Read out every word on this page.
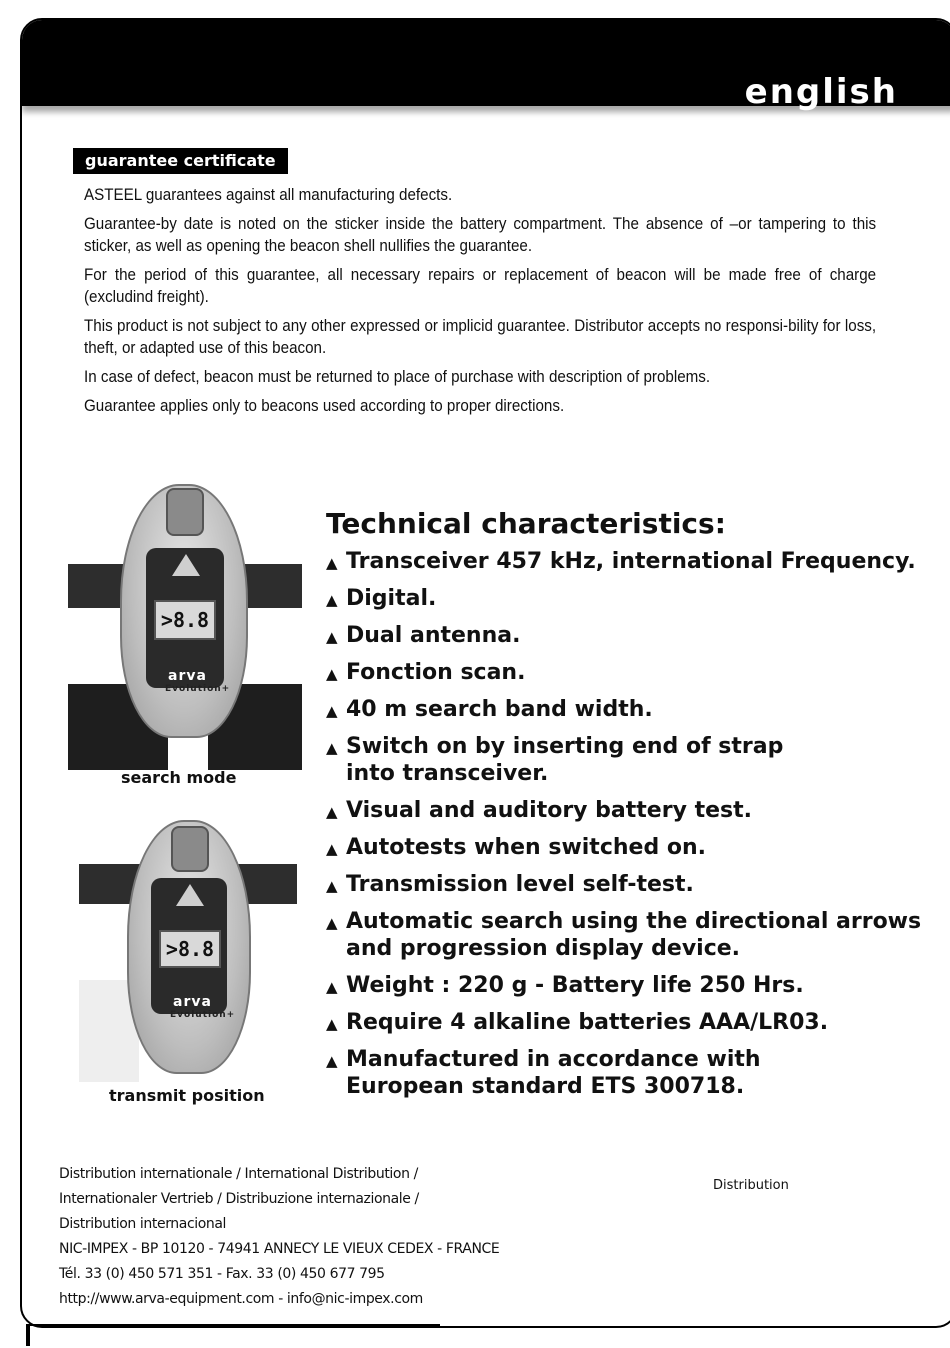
english
guarantee certificate

ASTEEL guarantees against all manufacturing defects.

Guarantee-by date is noted on the sticker inside the battery compartment. The absence of –or tampering to this sticker, as well as opening the beacon shell nullifies the guarantee.

For the period of this guarantee, all necessary repairs or replacement of beacon will be made free of charge (excludind freight).

This product is not subject to any other expressed or implicid guarantee. Distributor accepts no responsi-bility for loss, theft, or adapted use of this beacon.

In case of defect, beacon must be returned to place of purchase with description of problems.

Guarantee applies only to beacons used according to proper directions.

>8.8
arva
Evolution+
search mode
>8.8
arva
Evolution+
transmit position
Technical characteristics:
▲ Transceiver 457 kHz, international Frequency.
▲ Digital.
▲ Dual antenna.
▲ Fonction scan.
▲ 40 m search band width.
▲ Switch on by inserting end of strap
into transceiver.
▲ Visual and auditory battery test.
▲ Autotests when switched on.
▲ Transmission level self-test.
▲ Automatic search using the directional arrows
and progression display device.
▲ Weight : 220 g - Battery life 250 Hrs.
▲ Require 4 alkaline batteries AAA/LR03.
▲ Manufactured in accordance with
European standard ETS 300718.
Distribution internationale / International Distribution /
Internationaler Vertrieb / Distribuzione internazionale /
Distribution internacional
NIC-IMPEX - BP 10120 - 74941 ANNECY LE VIEUX CEDEX - FRANCE
Tél. 33 (0) 450 571 351 - Fax. 33 (0) 450 677 795
http://www.arva-equipment.com - info@nic-impex.com
Distribution
